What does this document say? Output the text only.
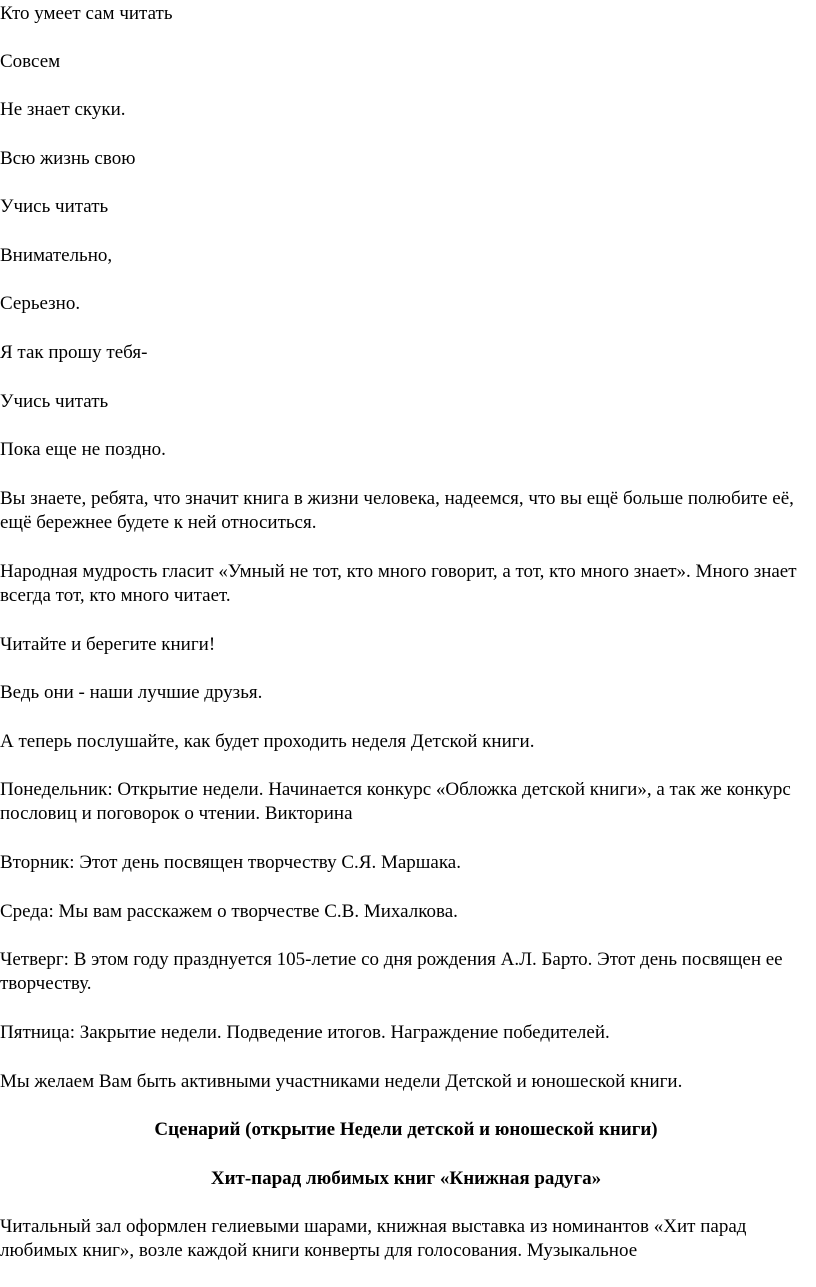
Кто умеет сам читать

Совсем

Не знает скуки.

Всю жизнь свою

Учись читать

Внимательно,

Серьезно.

Я так прошу тебя-

Учись читать

Пока еще не поздно.

Вы знаете, ребята, что значит книга в жизни человека, надеемся, что вы ещё больше полюбите её, ещё бережнее будете к ней относиться.

Народная мудрость гласит «Умный не тот, кто много говорит, а тот, кто много знает». Много знает всегда тот, кто много читает.

Читайте и берегите книги!

Ведь они - наши лучшие друзья.

А теперь послушайте, как будет проходить неделя Детской книги.

Понедельник: Открытие недели. Начинается конкурс «Обложка детской книги», а так же конкурс пословиц и поговорок о чтении. Викторина

Вторник: Этот день посвящен творчеству С.Я. Маршака.

Среда: Мы вам расскажем о творчестве С.В. Михалкова.

Четверг: В этом году празднуется 105-летие со дня рождения А.Л. Барто. Этот день посвящен ее творчеству.

Пятница: Закрытие недели. Подведение итогов. Награждение победителей.

Мы желаем Вам быть активными участниками недели Детской и юношеской книги.

Сценарий (открытие Недели детской и юношеской книги)

Хит-парад любимых книг «Книжная радуга»

Читальный зал оформлен гелиевыми шарами, книжная выставка из номинантов «Хит парад любимых книг», возле каждой книги конверты для голосования. Музыкальное
